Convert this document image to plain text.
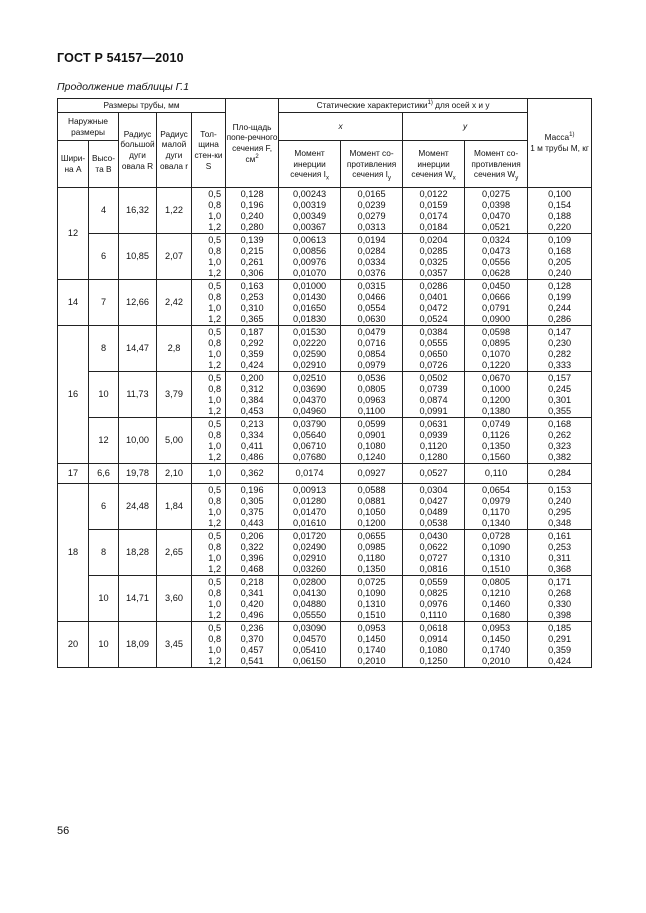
ГОСТ Р 54157—2010
Продолжение таблицы Г.1
Размеры трубы, мм					Пло-щадь попе-речного сечения F, $см^2$	Статические характеристики$^{1)}$ для осей x и y				Масса$^{1)}$
1 м трубы M, кг
Наружные размеры		Радиус большой дуги овала R	Радиус малой дуги овала r	Тол-щина стен-ки S		x		y		
Шири-на A	Высо-та B					Момент инерции сечения $I_x$	Момент со-противления сечения $I_y$	Момент инерции сечения $W_x$	Момент со-противления сечения $W_y$
12	4	16,32	1,22	0,5
0,8
1,0
1,2	0,128
0,196
0,240
0,280	0,00243
0,00319
0,00349
0,00367	0,0165
0,0239
0,0279
0,0313	0,0122
0,0159
0,0174
0,0184	0,0275
0,0398
0,0470
0,0521	0,100
0,154
0,188
0,220
	6	10,85	2,07	0,5
0,8
1,0
1,2	0,139
0,215
0,261
0,306	0,00613
0,00856
0,00976
0,01070	0,0194
0,0284
0,0334
0,0376	0,0204
0,0285
0,0325
0,0357	0,0324
0,0473
0,0556
0,0628	0,109
0,168
0,205
0,240
14	7	12,66	2,42	0,5
0,8
1,0
1,2	0,163
0,253
0,310
0,365	0,01000
0,01430
0,01650
0,01830	0,0315
0,0466
0,0554
0,0630	0,0286
0,0401
0,0472
0,0524	0,0450
0,0666
0,0791
0,0900	0,128
0,199
0,244
0,286
16	8	14,47	2,8	0,5
0,8
1,0
1,2	0,187
0,292
0,359
0,424	0,01530
0,02220
0,02590
0,02910	0,0479
0,0716
0,0854
0,0979	0,0384
0,0555
0,0650
0,0726	0,0598
0,0895
0,1070
0,1220	0,147
0,230
0,282
0,333
	10	11,73	3,79	0,5
0,8
1,0
1,2	0,200
0,312
0,384
0,453	0,02510
0,03690
0,04370
0,04960	0,0536
0,0805
0,0963
0,1100	0,0502
0,0739
0,0874
0,0991	0,0670
0,1000
0,1200
0,1380	0,157
0,245
0,301
0,355
	12	10,00	5,00	0,5
0,8
1,0
1,2	0,213
0,334
0,411
0,486	0,03790
0,05640
0,06710
0,07680	0,0599
0,0901
0,1080
0,1240	0,0631
0,0939
0,1120
0,1280	0,0749
0,1126
0,1350
0,1560	0,168
0,262
0,323
0,382
17	6,6	19,78	2,10	1,0	0,362	0,0174	0,0927	0,0527	0,110	0,284
18	6	24,48	1,84	0,5
0,8
1,0
1,2	0,196
0,305
0,375
0,443	0,00913
0,01280
0,01470
0,01610	0,0588
0,0881
0,1050
0,1200	0,0304
0,0427
0,0489
0,0538	0,0654
0,0979
0,1170
0,1340	0,153
0,240
0,295
0,348
	8	18,28	2,65	0,5
0,8
1,0
1,2	0,206
0,322
0,396
0,468	0,01720
0,02490
0,02910
0,03260	0,0655
0,0985
0,1180
0,1350	0,0430
0,0622
0,0727
0,0816	0,0728
0,1090
0,1310
0,1510	0,161
0,253
0,311
0,368
	10	14,71	3,60	0,5
0,8
1,0
1,2	0,218
0,341
0,420
0,496	0,02800
0,04130
0,04880
0,05550	0,0725
0,1090
0,1310
0,1510	0,0559
0,0825
0,0976
0,1110	0,0805
0,1210
0,1460
0,1680	0,171
0,268
0,330
0,398
20	10	18,09	3,45	0,5
0,8
1,0
1,2	0,236
0,370
0,457
0,541	0,03090
0,04570
0,05410
0,06150	0,0953
0,1450
0,1740
0,2010	0,0618
0,0914
0,1080
0,1250	0,0953
0,1450
0,1740
0,2010	0,185
0,291
0,359
0,424
56
